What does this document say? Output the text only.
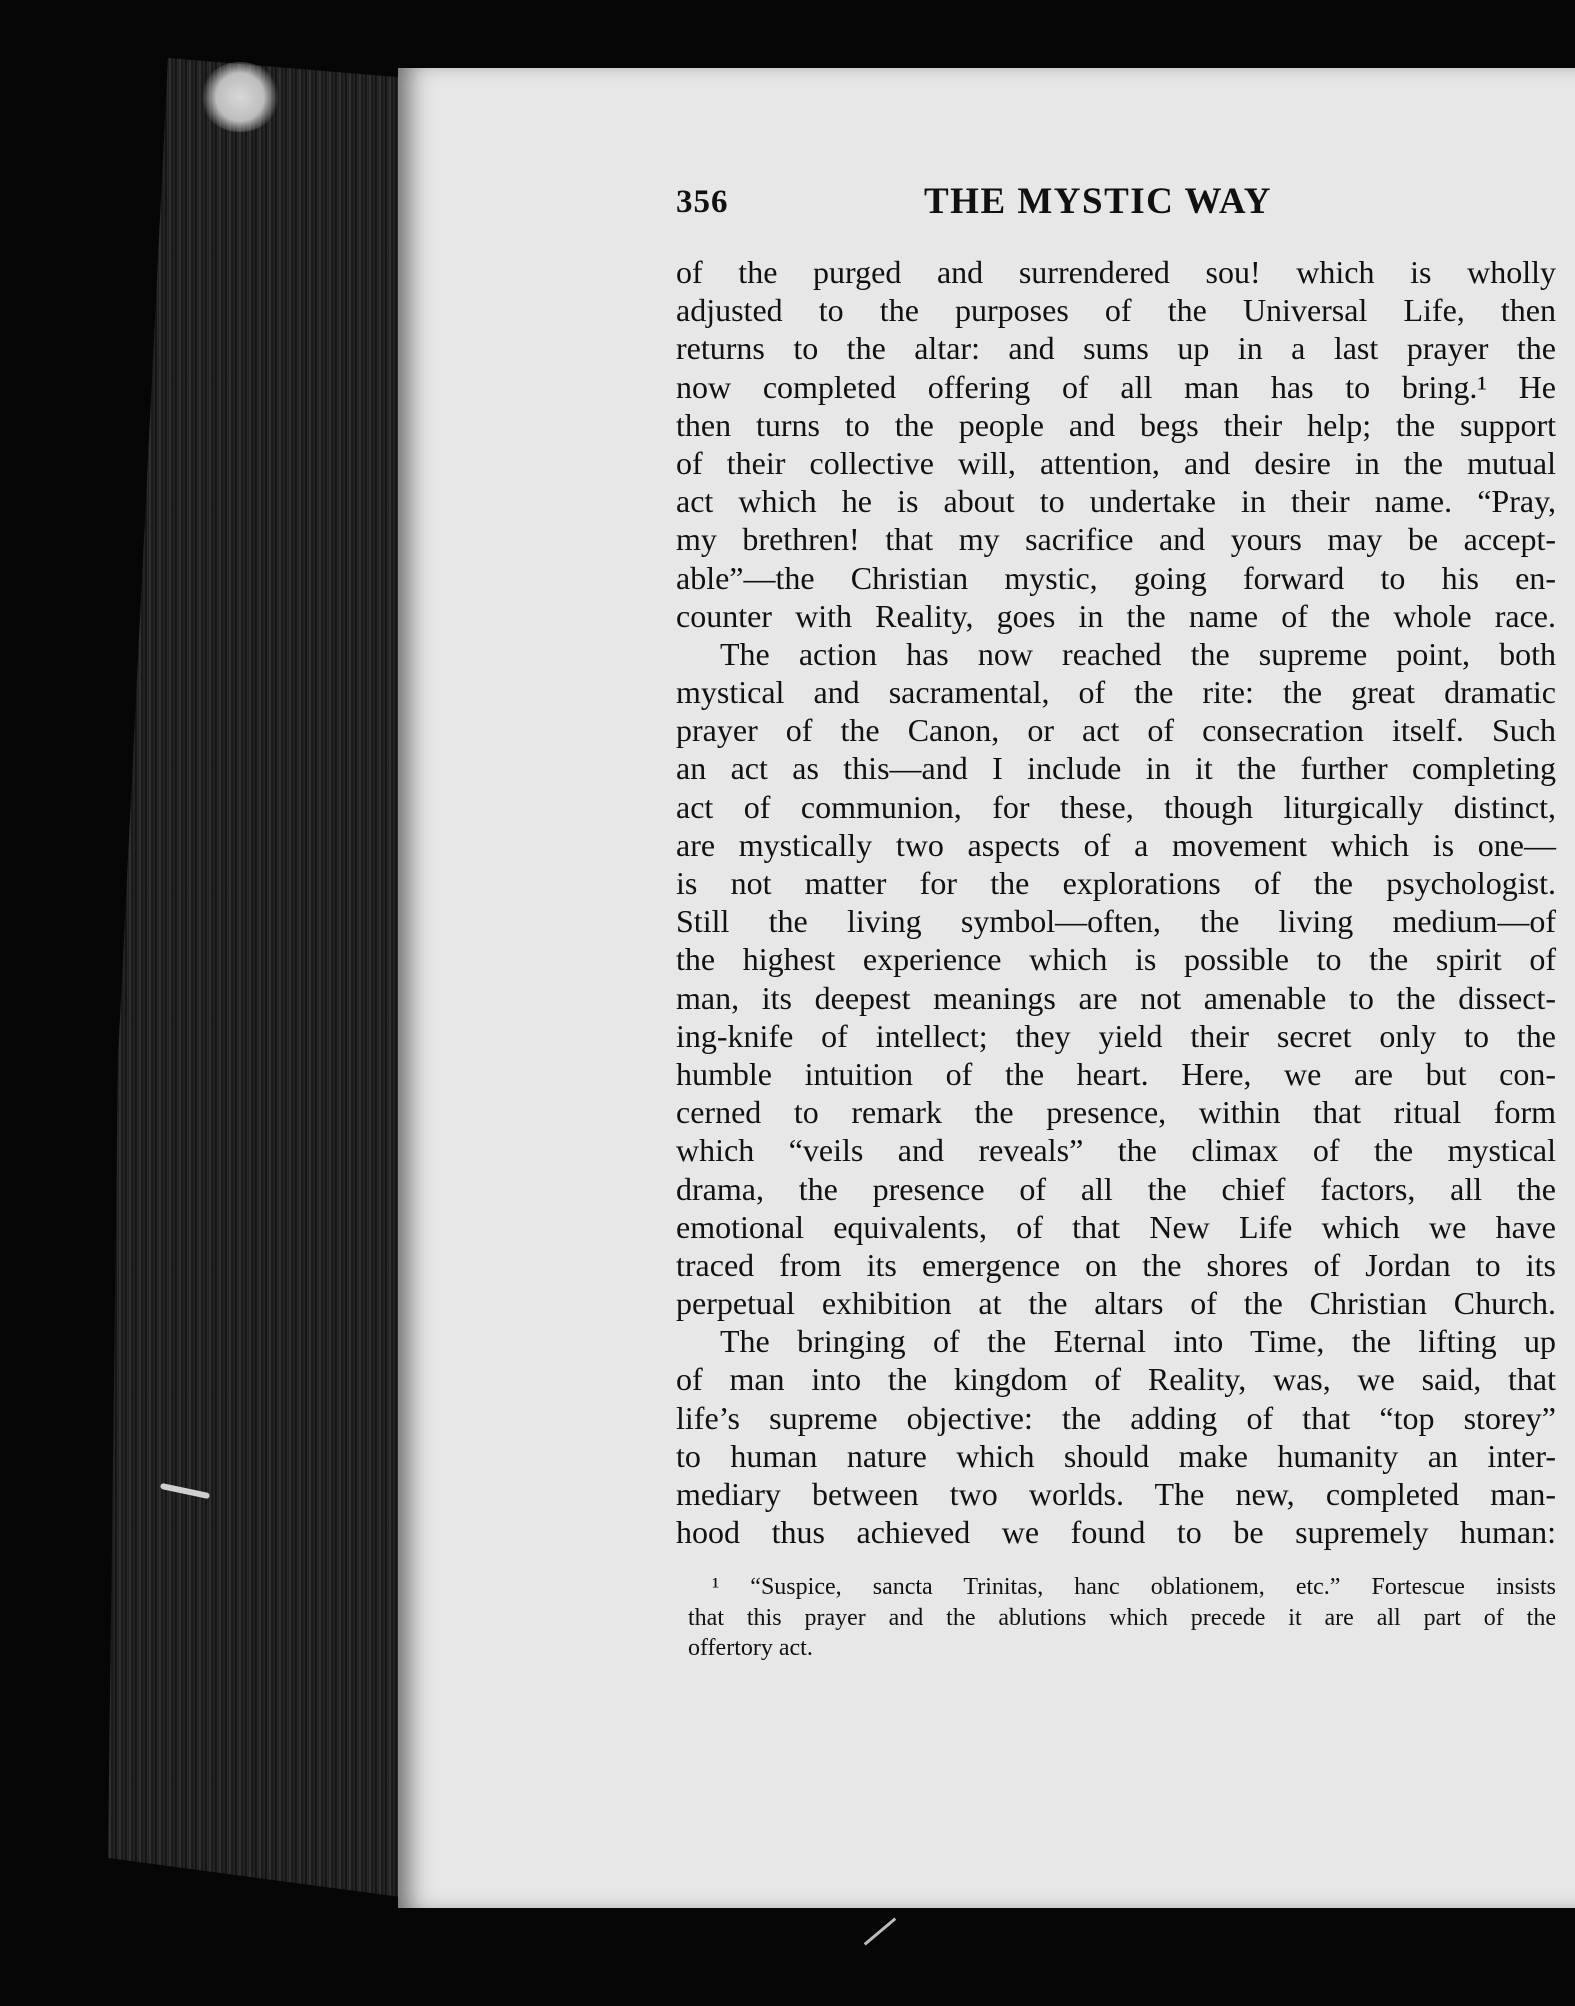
356	THE MYSTIC WAY
of the purged and surrendered sou! which is wholly
adjusted to the purposes of the Universal Life, then
returns to the altar: and sums up in a last prayer the
now completed offering of all man has to bring.¹ He
then turns to the people and begs their help; the support
of their collective will, attention, and desire in the mutual
act which he is about to undertake in their name. “Pray,
my brethren! that my sacrifice and yours may be accept-
able”—the Christian mystic, going forward to his en-
counter with Reality, goes in the name of the whole race.
The action has now reached the supreme point, both
mystical and sacramental, of the rite: the great dramatic
prayer of the Canon, or act of consecration itself. Such
an act as this—and I include in it the further completing
act of communion, for these, though liturgically distinct,
are mystically two aspects of a movement which is one—
is not matter for the explorations of the psychologist.
Still the living symbol—often, the living medium—of
the highest experience which is possible to the spirit of
man, its deepest meanings are not amenable to the dissect-
ing-knife of intellect; they yield their secret only to the
humble intuition of the heart. Here, we are but con-
cerned to remark the presence, within that ritual form
which “veils and reveals” the climax of the mystical
drama, the presence of all the chief factors, all the
emotional equivalents, of that New Life which we have
traced from its emergence on the shores of Jordan to its
perpetual exhibition at the altars of the Christian Church.
The bringing of the Eternal into Time, the lifting up
of man into the kingdom of Reality, was, we said, that
life’s supreme objective: the adding of that “top storey”
to human nature which should make humanity an inter-
mediary between two worlds. The new, completed man-
hood thus achieved we found to be supremely human:
¹ “Suspice, sancta Trinitas, hanc oblationem, etc.” Fortescue insists
that this prayer and the ablutions which precede it are all part of the
offertory act.
